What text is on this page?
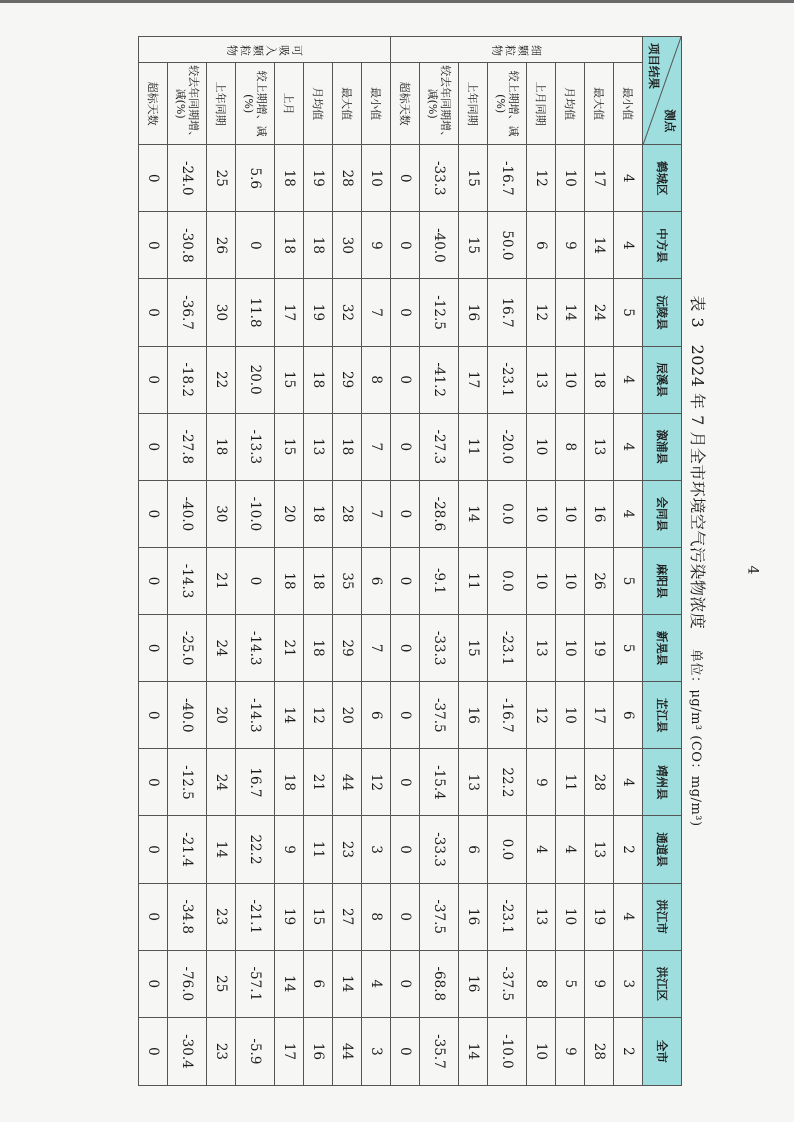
表 3　2024 年 7 月全市环境空气污染物浓度 单位：μg/m³ (CO：mg/m³)
测点
项目结果		鹤城区	中方县	沅陵县	辰溪县	溆浦县	会同县	麻阳县	新晃县	芷江县	靖州县	通道县	洪江市	洪江区	全市
细颗粒物	最小值	4	4	5	4	4	4	5	5	6	4	2	4	3	2
	最大值	17	14	24	18	13	16	26	19	17	28	13	19	9	28
	月均值	10	9	14	10	8	10	10	10	10	11	4	10	5	9
	上月同期	12	6	12	13	10	10	10	13	12	9	4	13	8	10
	较上期增、减(%)	-16.7	50.0	16.7	-23.1	-20.0	0.0	0.0	-23.1	-16.7	22.2	0.0	-23.1	-37.5	-10.0
	上年同期	15	15	16	17	11	14	11	15	16	13	6	16	16	14
	较去年同期增、减(%)	-33.3	-40.0	-12.5	-41.2	-27.3	-28.6	-9.1	-33.3	-37.5	-15.4	-33.3	-37.5	-68.8	-35.7
	超标天数	0	0	0	0	0	0	0	0	0	0	0	0	0	0
可吸入颗粒物	最小值	10	9	7	8	7	7	6	7	6	12	3	8	4	3
	最大值	28	30	32	29	18	28	35	29	20	44	23	27	14	44
	月均值	19	18	19	18	13	18	18	18	12	21	11	15	6	16
	上月	18	18	17	15	15	20	18	21	14	18	9	19	14	17
	较上期增、减(%)	5.6	0	11.8	20.0	-13.3	-10.0	0	-14.3	-14.3	16.7	22.2	-21.1	-57.1	-5.9
	上年同期	25	26	30	22	18	30	21	24	20	24	14	23	25	23
	较去年同期增、减(%)	-24.0	-30.8	-36.7	-18.2	-27.8	-40.0	-14.3	-25.0	-40.0	-12.5	-21.4	-34.8	-76.0	-30.4
	超标天数	0	0	0	0	0	0	0	0	0	0	0	0	0	0
4
